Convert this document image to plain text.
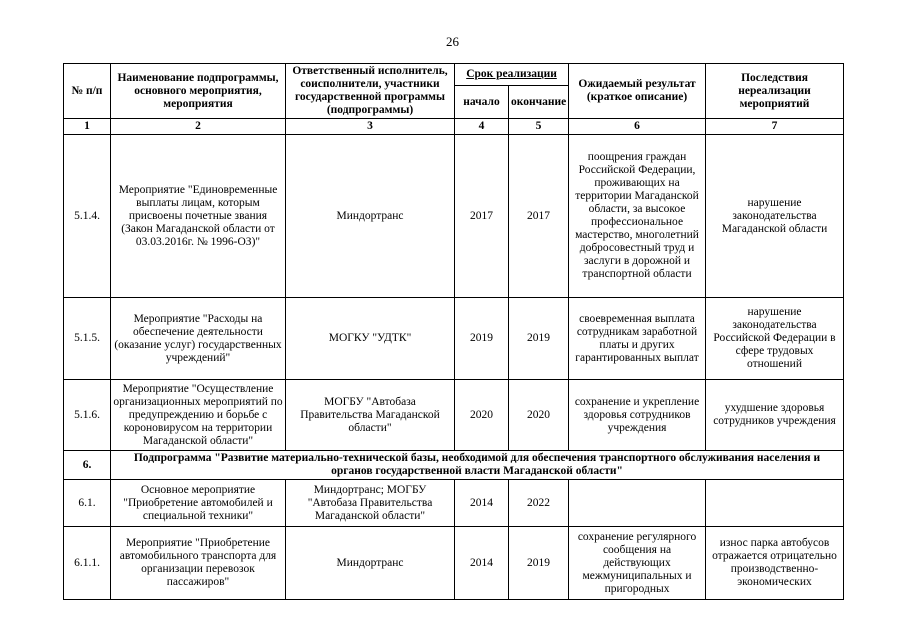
26
№ п/п	Наименование подпрограммы, основного мероприятия, мероприятия	Ответственный исполнитель, соисполнители, участники государственной программы (подпрограммы)	Срок реализации		Ожидаемый результат (краткое описание)	Последствия нереализации мероприятий
			начало	окончание		
1	2	3	4	5	6	7
5.1.4.	Мероприятие "Единовременные выплаты лицам, которым присвоены почетные звания (Закон Магаданской области от 03.03.2016г. № 1996-ОЗ)"	Миндортранс	2017	2017	поощрения граждан Российской Федерации, проживающих на территории Магаданской области, за высокое профессиональное мастерство, многолетний добросовестный труд и заслуги в дорожной и транспортной области	нарушение законодательства Магаданской области
5.1.5.	Мероприятие "Расходы на обеспечение деятельности (оказание услуг) государственных учреждений"	МОГКУ "УДТК"	2019	2019	своевременная выплата сотрудникам заработной платы и других гарантированных выплат	нарушение законодательства Российской Федерации в сфере трудовых отношений
5.1.6.	Мероприятие "Осуществление организационных мероприятий по предупреждению и борьбе с короновирусом на территории Магаданской области"	МОГБУ "Автобаза Правительства Магаданской области"	2020	2020	сохранение и укрепление здоровья сотрудников учреждения	ухудшение здоровья сотрудников учреждения
6.	Подпрограмма "Развитие материально-технической базы, необходимой для обеспечения транспортного обслуживания населения и органов государственной власти Магаданской области"					
6.1.	Основное мероприятие "Приобретение автомобилей и специальной техники"	Миндортранс; МОГБУ "Автобаза Правительства Магаданской области"	2014	2022		
6.1.1.	Мероприятие "Приобретение автомобильного транспорта для организации перевозок пассажиров"	Миндортранс	2014	2019	сохранение регулярного сообщения на действующих межмуниципальных и пригородных	износ парка автобусов отражается отрицательно производственно-экономических
